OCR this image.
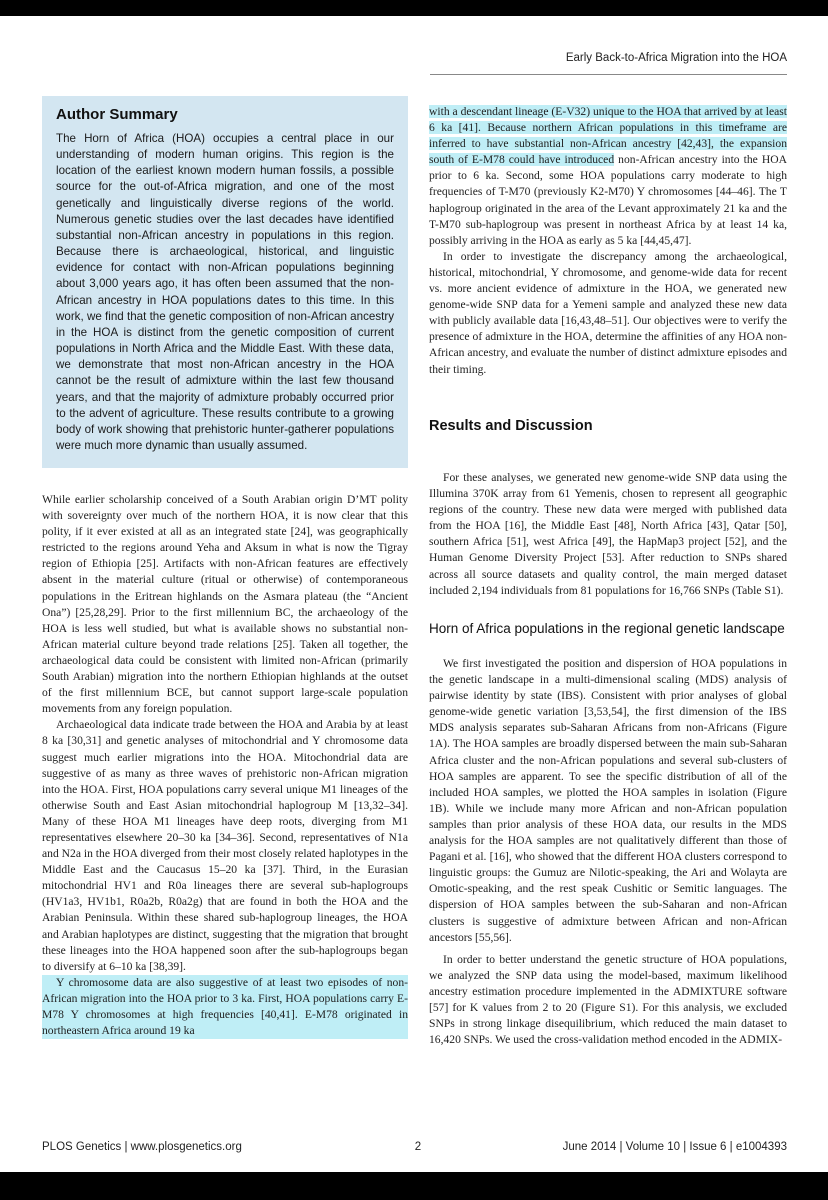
Early Back-to-Africa Migration into the HOA
Author Summary
The Horn of Africa (HOA) occupies a central place in our understanding of modern human origins. This region is the location of the earliest known modern human fossils, a possible source for the out-of-Africa migration, and one of the most genetically and linguistically diverse regions of the world. Numerous genetic studies over the last decades have identified substantial non-African ancestry in populations in this region. Because there is archaeological, historical, and linguistic evidence for contact with non-African populations beginning about 3,000 years ago, it has often been assumed that the non-African ancestry in HOA populations dates to this time. In this work, we find that the genetic composition of non-African ancestry in the HOA is distinct from the genetic composition of current populations in North Africa and the Middle East. With these data, we demonstrate that most non-African ancestry in the HOA cannot be the result of admixture within the last few thousand years, and that the majority of admixture probably occurred prior to the advent of agriculture. These results contribute to a growing body of work showing that prehistoric hunter-gatherer populations were much more dynamic than usually assumed.

While earlier scholarship conceived of a South Arabian origin D’MT polity with sovereignty over much of the northern HOA, it is now clear that this polity, if it ever existed at all as an integrated state [24], was geographically restricted to the regions around Yeha and Aksum in what is now the Tigray region of Ethiopia [25]. Artifacts with non-African features are effectively absent in the material culture (ritual or otherwise) of contemporaneous populations in the Eritrean highlands on the Asmara plateau (the “Ancient Ona”) [25,28,29]. Prior to the first millennium BC, the archaeology of the HOA is less well studied, but what is available shows no substantial non-African material culture beyond trade relations [25]. Taken all together, the archaeological data could be consistent with limited non-African (primarily South Arabian) migration into the northern Ethiopian highlands at the outset of the first millennium BCE, but cannot support large-scale population movements from any foreign population.

Archaeological data indicate trade between the HOA and Arabia by at least 8 ka [30,31] and genetic analyses of mitochondrial and Y chromosome data suggest much earlier migrations into the HOA. Mitochondrial data are suggestive of as many as three waves of prehistoric non-African migration into the HOA. First, HOA populations carry several unique M1 lineages of the otherwise South and East Asian mitochondrial haplogroup M [13,32–34]. Many of these HOA M1 lineages have deep roots, diverging from M1 representatives elsewhere 20–30 ka [34–36]. Second, representatives of N1a and N2a in the HOA diverged from their most closely related haplotypes in the Middle East and the Caucasus 15–20 ka [37]. Third, in the Eurasian mitochondrial HV1 and R0a lineages there are several sub-haplogroups (HV1a3, HV1b1, R0a2b, R0a2g) that are found in both the HOA and the Arabian Peninsula. Within these shared sub-haplogroup lineages, the HOA and Arabian haplotypes are distinct, suggesting that the migration that brought these lineages into the HOA happened soon after the sub-haplogroups began to diversify at 6–10 ka [38,39].

Y chromosome data are also suggestive of at least two episodes of non-African migration into the HOA prior to 3 ka. First, HOA populations carry E-M78 Y chromosomes at high frequencies [40,41]. E-M78 originated in northeastern Africa around 19 ka

with a descendant lineage (E-V32) unique to the HOA that arrived by at least 6 ka [41]. Because northern African populations in this timeframe are inferred to have substantial non-African ancestry [42,43], the expansion south of E-M78 could have introduced non-African ancestry into the HOA prior to 6 ka. Second, some HOA populations carry moderate to high frequencies of T-M70 (previously K2-M70) Y chromosomes [44–46]. The T haplogroup originated in the area of the Levant approximately 21 ka and the T-M70 sub-haplogroup was present in northeast Africa by at least 14 ka, possibly arriving in the HOA as early as 5 ka [44,45,47].

In order to investigate the discrepancy among the archaeological, historical, mitochondrial, Y chromosome, and genome-wide data for recent vs. more ancient evidence of admixture in the HOA, we generated new genome-wide SNP data for a Yemeni sample and analyzed these new data with publicly available data [16,43,48–51]. Our objectives were to verify the presence of admixture in the HOA, determine the affinities of any HOA non-African ancestry, and evaluate the number of distinct admixture episodes and their timing.

Results and Discussion

For these analyses, we generated new genome-wide SNP data using the Illumina 370K array from 61 Yemenis, chosen to represent all geographic regions of the country. These new data were merged with published data from the HOA [16], the Middle East [48], North Africa [43], Qatar [50], southern Africa [51], west Africa [49], the HapMap3 project [52], and the Human Genome Diversity Project [53]. After reduction to SNPs shared across all source datasets and quality control, the main merged dataset included 2,194 individuals from 81 populations for 16,766 SNPs (Table S1).

Horn of Africa populations in the regional genetic landscape

We first investigated the position and dispersion of HOA populations in the genetic landscape in a multi-dimensional scaling (MDS) analysis of pairwise identity by state (IBS). Consistent with prior analyses of global genome-wide genetic variation [3,53,54], the first dimension of the IBS MDS analysis separates sub-Saharan Africans from non-Africans (Figure 1A). The HOA samples are broadly dispersed between the main sub-Saharan Africa cluster and the non-African populations and several sub-clusters of HOA samples are apparent. To see the specific distribution of all of the included HOA samples, we plotted the HOA samples in isolation (Figure 1B). While we include many more African and non-African population samples than prior analysis of these HOA data, our results in the MDS analysis for the HOA samples are not qualitatively different than those of Pagani et al. [16], who showed that the different HOA clusters correspond to linguistic groups: the Gumuz are Nilotic-speaking, the Ari and Wolayta are Omotic-speaking, and the rest speak Cushitic or Semitic languages. The dispersion of HOA samples between the sub-Saharan and non-African clusters is suggestive of admixture between African and non-African ancestors [55,56].

In order to better understand the genetic structure of HOA populations, we analyzed the SNP data using the model-based, maximum likelihood ancestry estimation procedure implemented in the ADMIXTURE software [57] for K values from 2 to 20 (Figure S1). For this analysis, we excluded SNPs in strong linkage disequilibrium, which reduced the main dataset to 16,420 SNPs. We used the cross-validation method encoded in the ADMIX-

PLOS Genetics | www.plosgenetics.org	2	June 2014 | Volume 10 | Issue 6 | e1004393
